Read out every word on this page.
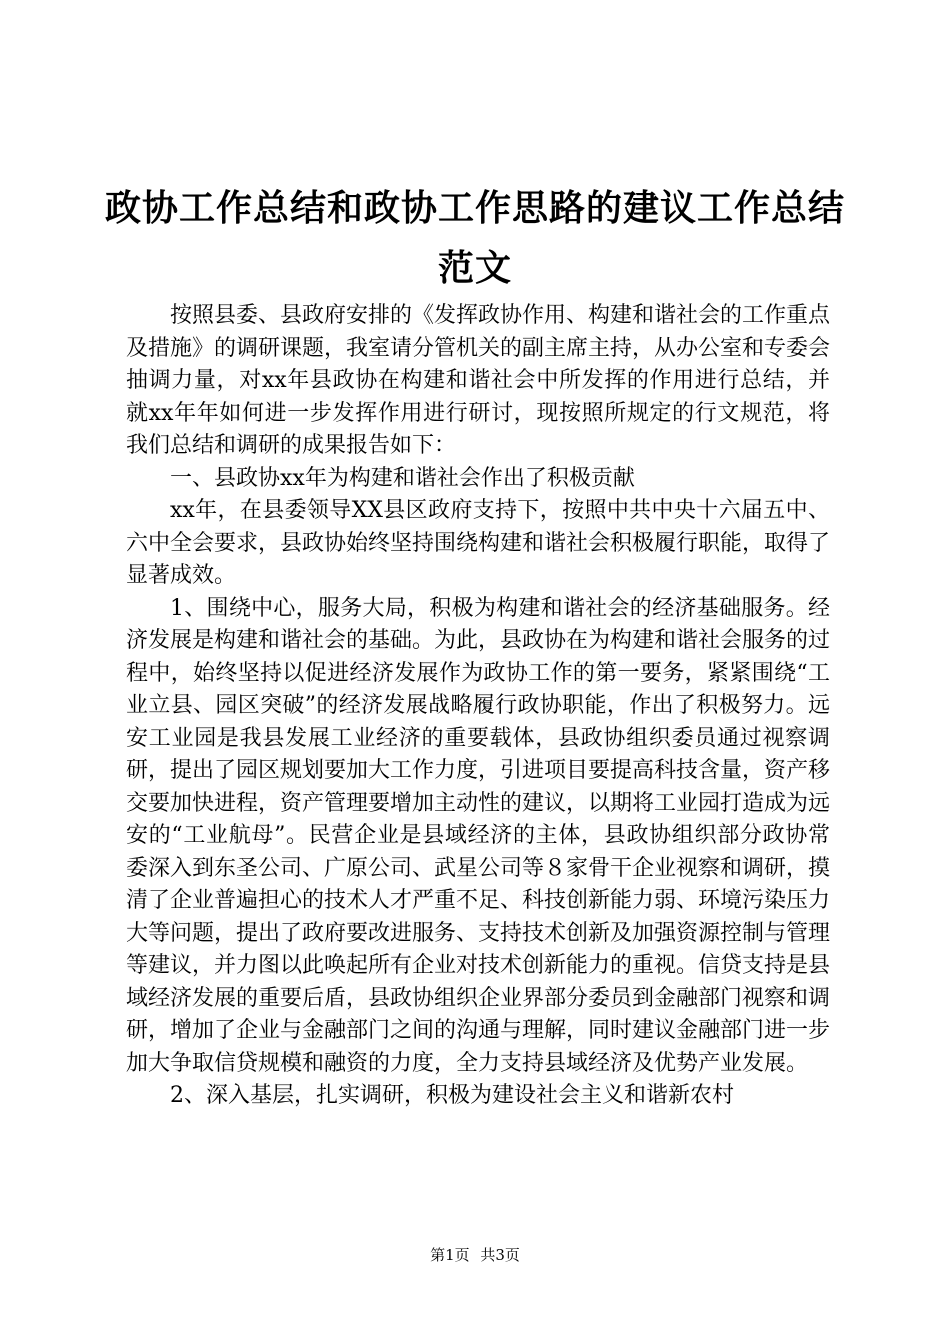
政协工作总结和政协工作思路的建议工作总结
范文

按照县委、县政府安排的《发挥政协作用、构建和谐社会的工作重点及措施》的调研课题，我室请分管机关的副主席主持，从办公室和专委会抽调力量，对xx年县政协在构建和谐社会中所发挥的作用进行总结，并就xx年年如何进一步发挥作用进行研讨，现按照所规定的行文规范，将我们总结和调研的成果报告如下：

一、县政协xx年为构建和谐社会作出了积极贡献

xx年，在县委领导XX县区政府支持下，按照中共中央十六届五中、六中全会要求，县政协始终坚持围绕构建和谐社会积极履行职能，取得了显著成效。

1、围绕中心，服务大局，积极为构建和谐社会的经济基础服务。经济发展是构建和谐社会的基础。为此，县政协在为构建和谐社会服务的过程中，始终坚持以促进经济发展作为政协工作的第一要务，紧紧围绕“工业立县、园区突破”的经济发展战略履行政协职能，作出了积极努力。远安工业园是我县发展工业经济的重要载体，县政协组织委员通过视察调研，提出了园区规划要加大工作力度，引进项目要提高科技含量，资产移交要加快进程，资产管理要增加主动性的建议，以期将工业园打造成为远安的“工业航母”。民营企业是县域经济的主体，县政协组织部分政协常委深入到东圣公司、广原公司、武星公司等８家骨干企业视察和调研，摸清了企业普遍担心的技术人才严重不足、科技创新能力弱、环境污染压力大等问题，提出了政府要改进服务、支持技术创新及加强资源控制与管理等建议，并力图以此唤起所有企业对技术创新能力的重视。信贷支持是县域经济发展的重要后盾，县政协组织企业界部分委员到金融部门视察和调研，增加了企业与金融部门之间的沟通与理解，同时建议金融部门进一步加大争取信贷规模和融资的力度，全力支持县域经济及优势产业发展。

2、深入基层，扎实调研，积极为建设社会主义和谐新农村

第1页 共3页
